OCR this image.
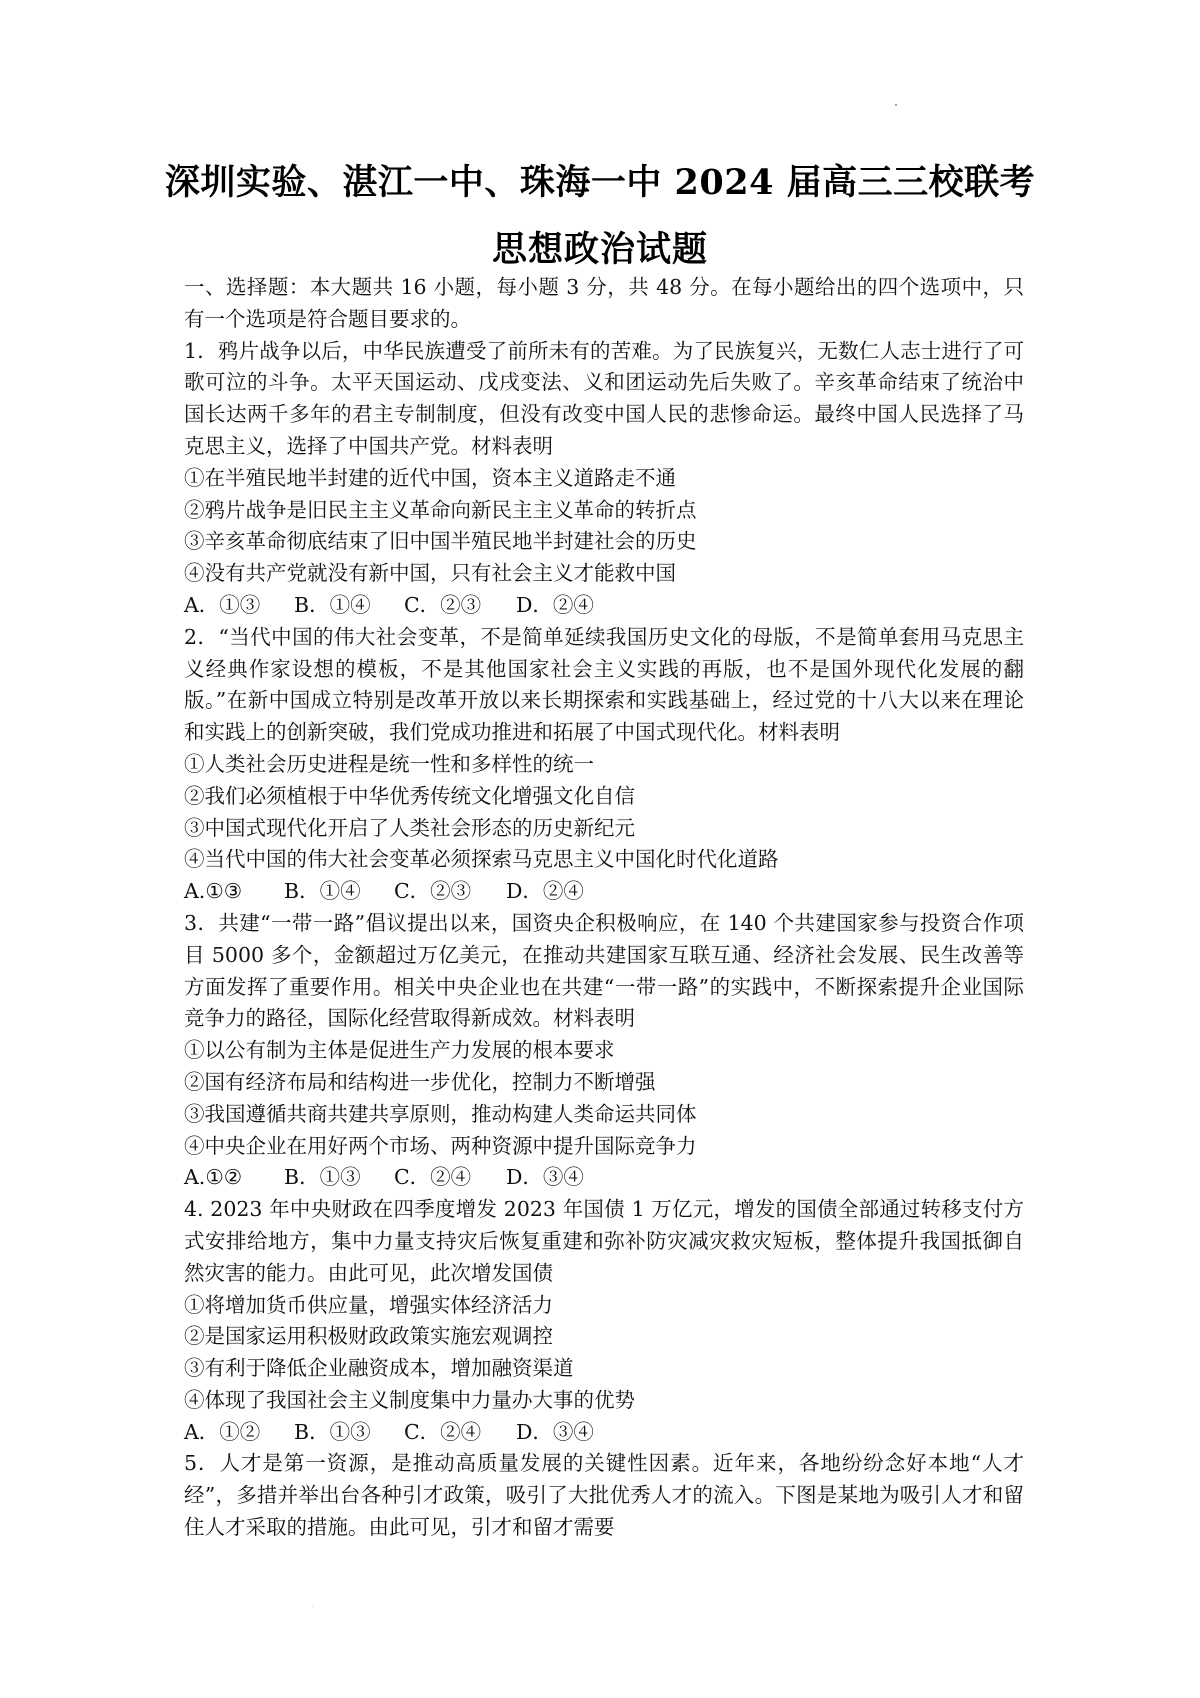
深圳实验、湛江一中、珠海一中 2024 届高三三校联考
思想政治试题

一、选择题：本大题共 16 小题，每小题 3 分，共 48 分。在每小题给出的四个选项中，只有一个选项是符合题目要求的。

1．鸦片战争以后，中华民族遭受了前所未有的苦难。为了民族复兴，无数仁人志士进行了可歌可泣的斗争。太平天国运动、戊戌变法、义和团运动先后失败了。辛亥革命结束了统治中国长达两千多年的君主专制制度，但没有改变中国人民的悲惨命运。最终中国人民选择了马克思主义，选择了中国共产党。材料表明

①在半殖民地半封建的近代中国，资本主义道路走不通

②鸦片战争是旧民主主义革命向新民主主义革命的转折点

③辛亥革命彻底结束了旧中国半殖民地半封建社会的历史

④没有共产党就没有新中国，只有社会主义才能救中国

A．①③ B．①④ C．②③ D．②④

2．“当代中国的伟大社会变革，不是简单延续我国历史文化的母版，不是简单套用马克思主义经典作家设想的模板，不是其他国家社会主义实践的再版，也不是国外现代化发展的翻版。”在新中国成立特别是改革开放以来长期探索和实践基础上，经过党的十八大以来在理论和实践上的创新突破，我们党成功推进和拓展了中国式现代化。材料表明

①人类社会历史进程是统一性和多样性的统一

②我们必须植根于中华优秀传统文化增强文化自信

③中国式现代化开启了人类社会形态的历史新纪元

④当代中国的伟大社会变革必须探索马克思主义中国化时代化道路

A.①③ B．①④ C．②③ D．②④

3．共建“一带一路”倡议提出以来，国资央企积极响应，在 140 个共建国家参与投资合作项目 5000 多个，金额超过万亿美元，在推动共建国家互联互通、经济社会发展、民生改善等方面发挥了重要作用。相关中央企业也在共建“一带一路”的实践中，不断探索提升企业国际竞争力的路径，国际化经营取得新成效。材料表明

①以公有制为主体是促进生产力发展的根本要求

②国有经济布局和结构进一步优化，控制力不断增强

③我国遵循共商共建共享原则，推动构建人类命运共同体

④中央企业在用好两个市场、两种资源中提升国际竞争力

A.①② B．①③ C．②④ D．③④

4. 2023 年中央财政在四季度增发 2023 年国债 1 万亿元，增发的国债全部通过转移支付方式安排给地方，集中力量支持灾后恢复重建和弥补防灾减灾救灾短板，整体提升我国抵御自然灾害的能力。由此可见，此次增发国债

①将增加货币供应量，增强实体经济活力

②是国家运用积极财政政策实施宏观调控

③有利于降低企业融资成本，增加融资渠道

④体现了我国社会主义制度集中力量办大事的优势

A．①② B．①③ C．②④ D．③④

5．人才是第一资源，是推动高质量发展的关键性因素。近年来，各地纷纷念好本地“人才经”，多措并举出台各种引才政策，吸引了大批优秀人才的流入。下图是某地为吸引人才和留住人才采取的措施。由此可见，引才和留才需要
